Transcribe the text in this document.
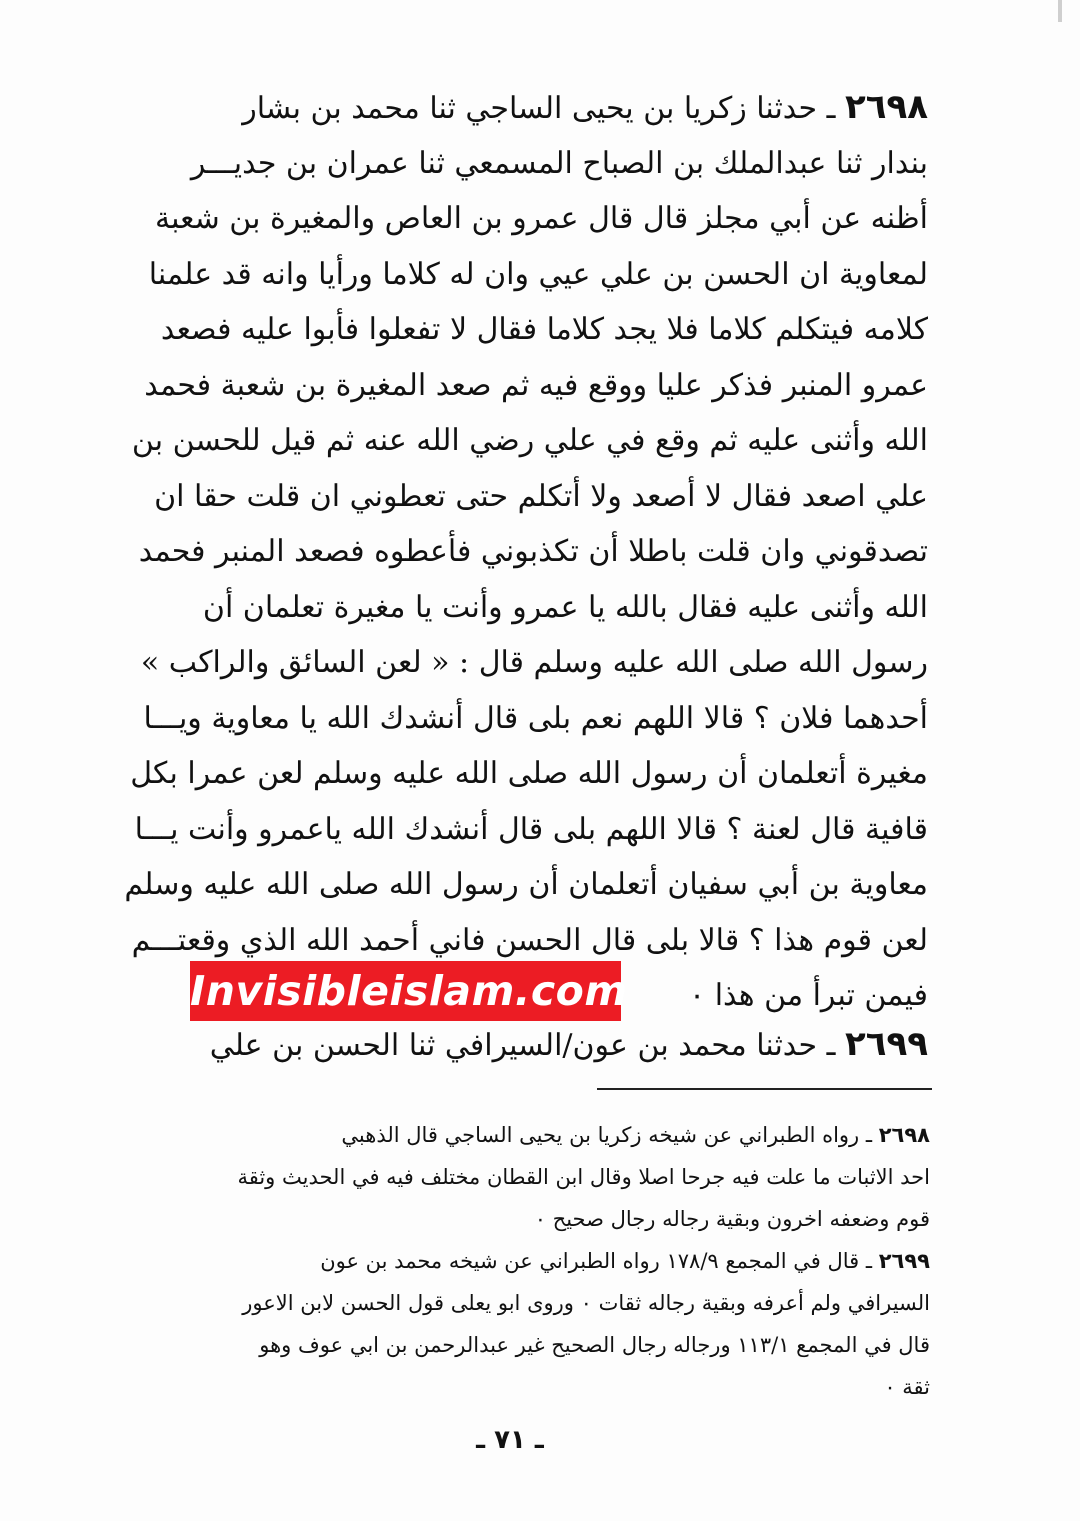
٢٦٩٨ ـ حدثنا زكريا بن يحيى الساجي ثنا محمد بن بشار
بندار ثنا عبدالملك بن الصباح المسمعي ثنا عمران بن جديـــر
أظنه عن أبي مجلز قال قال عمرو بن العاص والمغيرة بن شعبة
لمعاوية ان الحسن بن علي عيي وان له كلاما ورأيا وانه قد علمنا
كلامه فيتكلم كلاما فلا يجد كلاما فقال لا تفعلوا فأبوا عليه فصعد
عمرو المنبر فذكر عليا ووقع فيه ثم صعد المغيرة بن شعبة فحمد
الله وأثنى عليه ثم وقع في علي رضي الله عنه ثم قيل للحسن بن
علي اصعد فقال لا أصعد ولا أتكلم حتى تعطوني ان قلت حقا ان
تصدقوني وان قلت باطلا أن تكذبوني فأعطوه فصعد المنبر فحمد
الله وأثنى عليه فقال بالله يا عمرو وأنت يا مغيرة تعلمان أن
رسول الله صلى الله عليه وسلم قال : « لعن السائق والراكب »
أحدهما فلان ؟ قالا اللهم نعم بلى قال أنشدك الله يا معاوية ويـــا
مغيرة أتعلمان أن رسول الله صلى الله عليه وسلم لعن عمرا بكل
قافية قال لعنة ؟ قالا اللهم بلى قال أنشدك الله ياعمرو وأنت يـــا
معاوية بن أبي سفيان أتعلمان أن رسول الله صلى الله عليه وسلم
لعن قوم هذا ؟ قالا بلى قال الحسن فاني أحمد الله الذي وقعتـــم
فيمن تبرأ من هذا ٠
٢٦٩٩ ـ حدثنا محمد بن عون/السيرافي ثنا الحسن بن علي
Invisibleislam.com
٢٦٩٨ ـ رواه الطبراني عن شيخه زكريا بن يحيى الساجي قال الذهبي
احد الاثبات ما علت فيه جرحا اصلا وقال ابن القطان مختلف فيه في الحديث وثقة
قوم وضعفه اخرون وبقية رجاله رجال صحيح ٠
٢٦٩٩ ـ قال في المجمع ١٧٨/٩ رواه الطبراني عن شيخه محمد بن عون
السيرافي ولم أعرفه وبقية رجاله ثقات ٠ وروى ابو يعلى قول الحسن لابن الاعور
قال في المجمع ١١٣/١ ورجاله رجال الصحيح غير عبدالرحمن بن ابي عوف وهو
ثقة ٠
ـ ٧١ ـ
